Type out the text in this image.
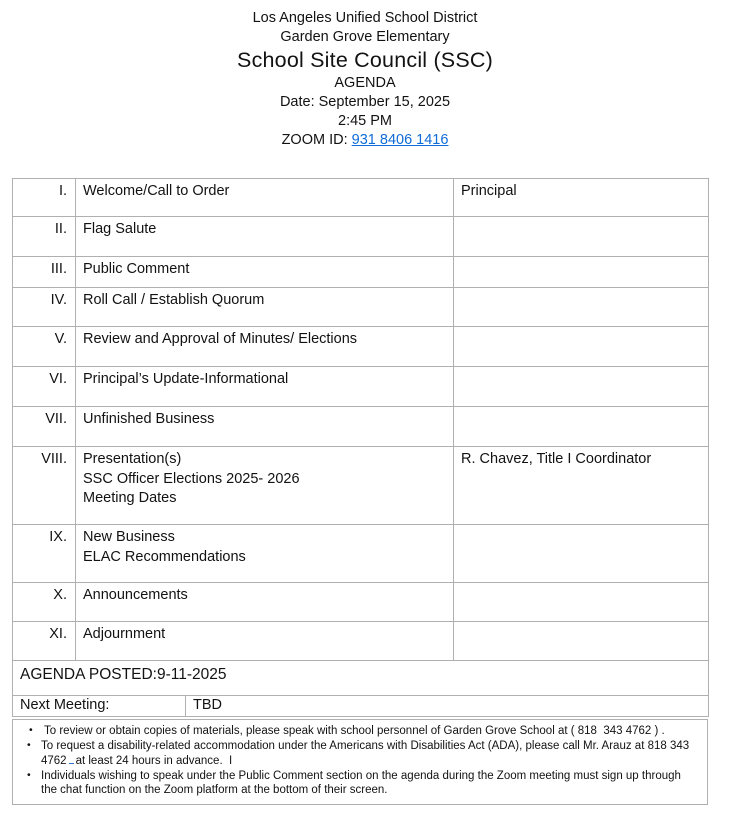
Los Angeles Unified School District
Garden Grove Elementary
School Site Council (SSC)
AGENDA
Date: September 15, 2025
2:45 PM
ZOOM ID: 931 8406 1416
I.	Welcome/Call to Order	Principal
II.	Flag Salute	

III.	Public Comment	

IV.	Roll Call / Establish Quorum	

V.	Review and Approval of Minutes/ Elections	

VI.	Principal’s Update-Informational	

VII.	Unfinished Business	

VIII.	Presentation(s)
SSC Officer Elections 2025- 2026
Meeting Dates	R. Chavez, Title I Coordinator
IX.	New Business
ELAC Recommendations	

X.	Announcements	

XI.	Adjournment	

AGENDA POSTED:9-11-2025
Next Meeting:	TBD
• To review or obtain copies of materials, please speak with school personnel of Garden Grove School at ( 818  343 4762 ) .
• To request a disability-related accommodation under the Americans with Disabilities Act (ADA), please call Mr. Arauz at 818 343 4762 at least 24 hours in advance.  I
• Individuals wishing to speak under the Public Comment section on the agenda during the Zoom meeting must sign up through the chat function on the Zoom platform at the bottom of their screen.
